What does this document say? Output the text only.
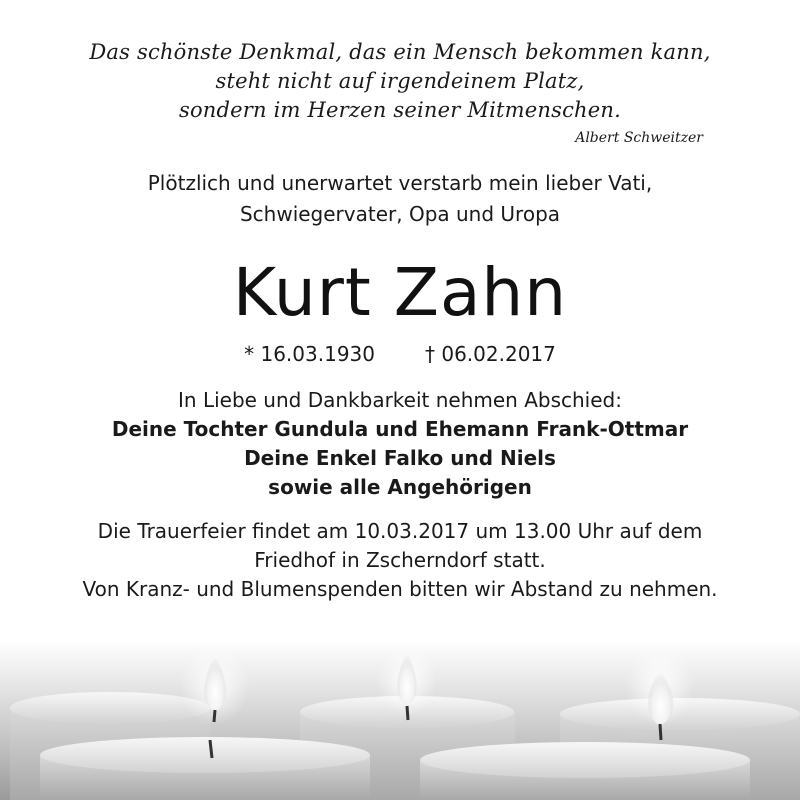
Das schönste Denkmal, das ein Mensch bekommen kann,
steht nicht auf irgendeinem Platz,
sondern im Herzen seiner Mitmenschen.
Albert Schweitzer
Plötzlich und unerwartet verstarb mein lieber Vati,
Schwiegervater, Opa und Uropa
Kurt Zahn
* 16.03.1930	† 06.02.2017
In Liebe und Dankbarkeit nehmen Abschied:
Deine Tochter Gundula und Ehemann Frank-Ottmar
Deine Enkel Falko und Niels
sowie alle Angehörigen
Die Trauerfeier findet am 10.03.2017 um 13.00 Uhr auf dem
Friedhof in Zscherndorf statt.
Von Kranz- und Blumenspenden bitten wir Abstand zu nehmen.
